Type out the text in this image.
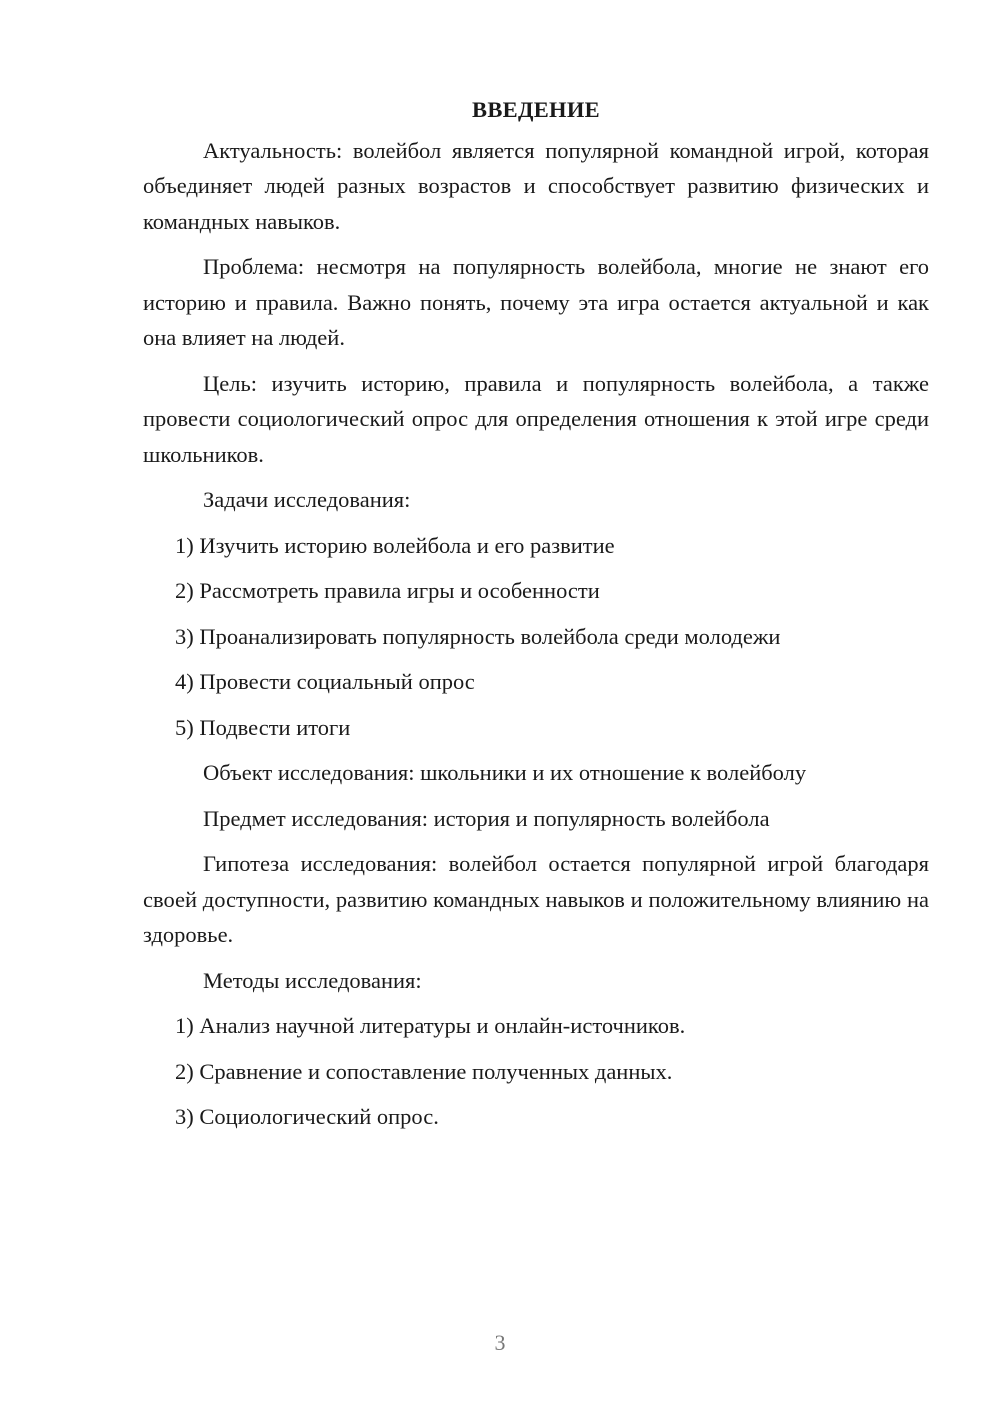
ВВЕДЕНИЕ

Актуальность: волейбол является популярной командной игрой, которая объединяет людей разных возрастов и способствует развитию физических и командных навыков.

Проблема: несмотря на популярность волейбола, многие не знают его историю и правила. Важно понять, почему эта игра остается актуальной и как она влияет на людей.

Цель: изучить историю, правила и популярность волейбола, а также провести социологический опрос для определения отношения к этой игре среди школьников.

Задачи исследования:

1) Изучить историю волейбола и его развитие

2) Рассмотреть правила игры и особенности

3) Проанализировать популярность волейбола среди молодежи

4) Провести социальный опрос

5) Подвести итоги

Объект исследования: школьники и их отношение к волейболу

Предмет исследования: история и популярность волейбола

Гипотеза исследования: волейбол остается популярной игрой благодаря своей доступности, развитию командных навыков и положительному влиянию на здоровье.

Методы исследования:

1) Анализ научной литературы и онлайн-источников.

2) Сравнение и сопоставление полученных данных.

3) Социологический опрос.

3
